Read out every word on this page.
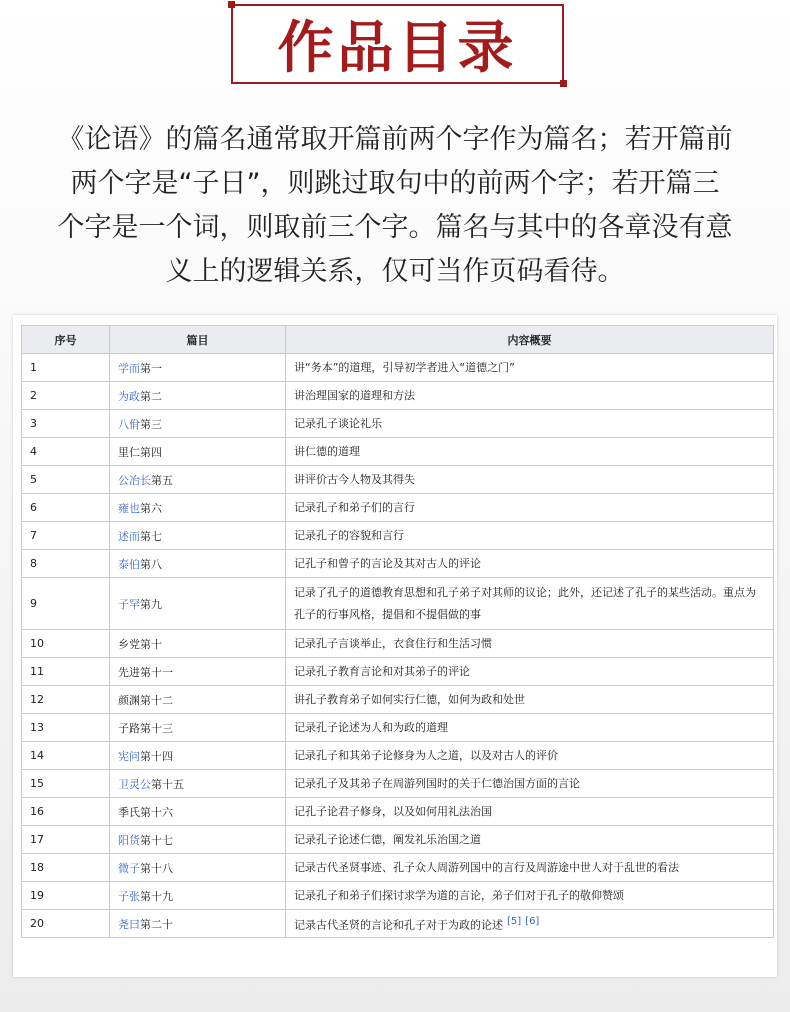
作品目录
《论语》的篇名通常取开篇前两个字作为篇名；若开篇前
两个字是“子日”，则跳过取句中的前两个字；若开篇三
个字是一个词，则取前三个字。篇名与其中的各章没有意
义上的逻辑关系，仅可当作页码看待。
序号	篇目	内容概要
1	学而第一	讲“务本”的道理，引导初学者进入“道德之门”
2	为政第二	讲治理国家的道理和方法
3	八佾第三	记录孔子谈论礼乐
4	里仁第四	讲仁德的道理
5	公冶长第五	讲评价古今人物及其得失
6	雍也第六	记录孔子和弟子们的言行
7	述而第七	记录孔子的容貌和言行
8	泰伯第八	记孔子和曾子的言论及其对古人的评论
9	子罕第九	记录了孔子的道德教育思想和孔子弟子对其师的议论；此外，还记述了孔子的某些活动。重点为孔子的行事风格，提倡和不提倡做的事
10	乡党第十	记录孔子言谈举止，衣食住行和生活习惯
11	先进第十一	记录孔子教育言论和对其弟子的评论
12	颜渊第十二	讲孔子教育弟子如何实行仁德，如何为政和处世
13	子路第十三	记录孔子论述为人和为政的道理
14	宪问第十四	记录孔子和其弟子论修身为人之道，以及对古人的评价
15	卫灵公第十五	记录孔子及其弟子在周游列国时的关于仁德治国方面的言论
16	季氏第十六	记孔子论君子修身，以及如何用礼法治国
17	阳货第十七	记录孔子论述仁德，阐发礼乐治国之道
18	微子第十八	记录古代圣贤事迹、孔子众人周游列国中的言行及周游途中世人对于乱世的看法
19	子张第十九	记录孔子和弟子们探讨求学为道的言论，弟子们对于孔子的敬仰赞颂
20	尧曰第二十	记录古代圣贤的言论和孔子对于为政的论述 [5] [6]
